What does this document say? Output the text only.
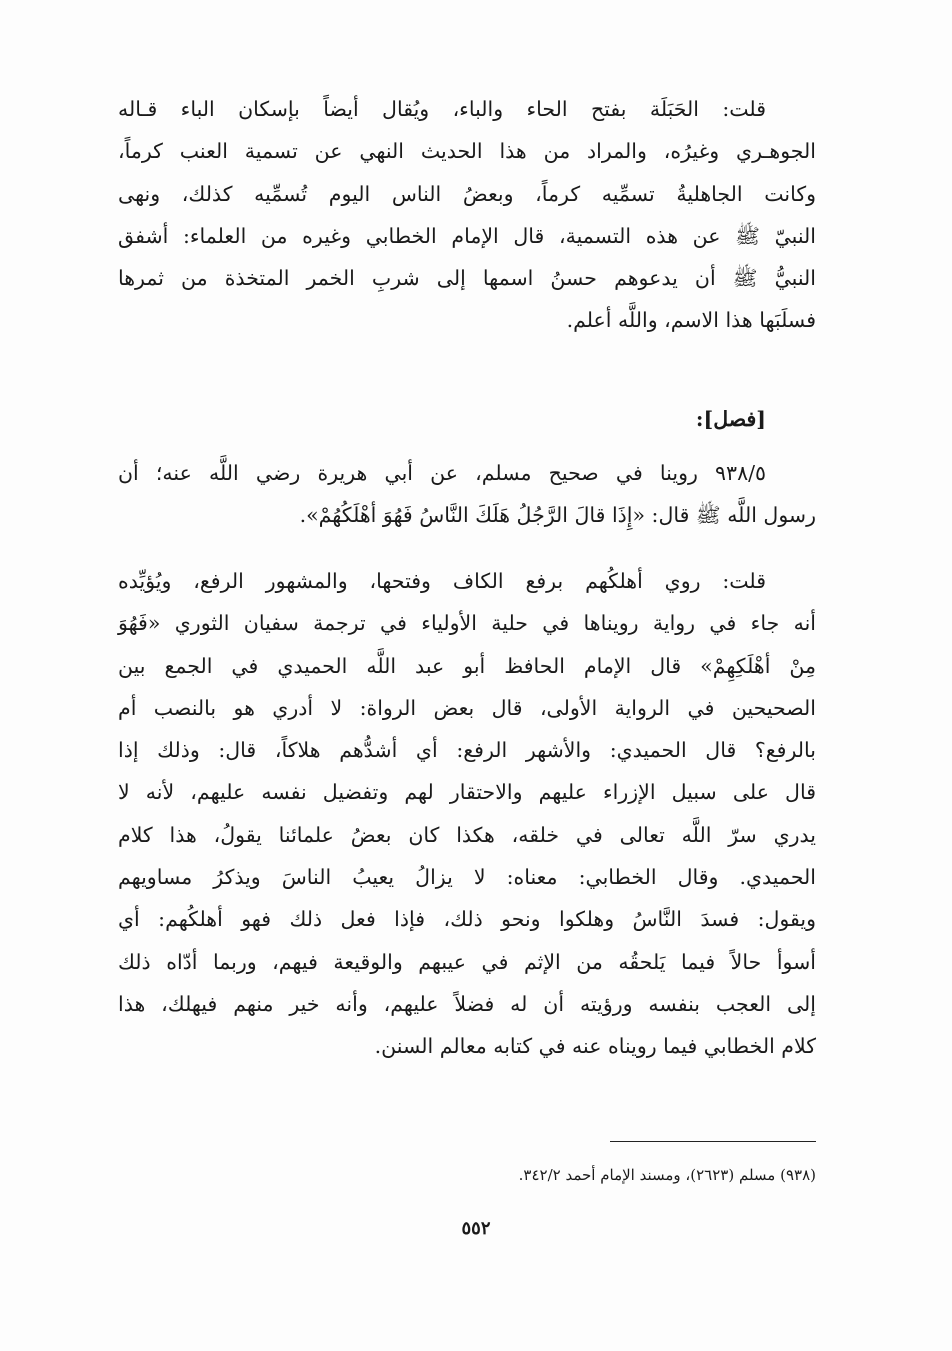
قلت: الحَبَلَة بفتح الحاء والباء، ويُقال أيضاً بإسكان الباء قـاله
الجوهـري وغيرُه، والمراد من هذا الحديث النهي عن تسمية العنب كرماً،
وكانت الجاهليةُ تسمِّيه كرماً، وبعضُ الناس اليوم تُسمِّيه كذلك، ونهى
النبيّ ﷺ عن هذه التسمية، قال الإمام الخطابي وغيره من العلماء: أشفق
النبيُّ ﷺ أن يدعوهم حسنُ اسمها إلى شربِ الخمر المتخذة من ثمرها
فسلَبَها هذا الاسم، واللَّه أعلم.
[فصل]:
٩٣٨/٥ روينا في صحيح مسلم، عن أبي هريرة رضي اللَّه عنه؛ أن
رسول اللَّه ﷺ قال: «إِذَا قالَ الرَّجُلُ هَلَكَ النَّاسُ فَهُوَ أهْلَكُهُمْ».
قلت: روي أهلكُهم برفع الكاف وفتحها، والمشهور الرفع، ويُؤيِّده
أنه جاء في رواية رويناها في حلية الأولياء في ترجمة سفيان الثوري «فَهُوَ
مِنْ أهْلَكِهِمْ» قال الإمام الحافظ أبو عبد اللَّه الحميدي في الجمع بين
الصحيحين في الرواية الأولى، قال بعض الرواة: لا أدري هو بالنصب أم
بالرفع؟ قال الحميدي: والأشهر الرفع: أي أشدُّهم هلاكاً، قال: وذلك إذا
قال على سبيل الإزراء عليهم والاحتقار لهم وتفضيل نفسه عليهم، لأنه لا
يدري سرّ اللَّه تعالى في خلقه، هكذا كان بعضُ علمائنا يقولُ، هذا كلام
الحميدي. وقال الخطابي: معناه: لا يزالُ يعيبُ الناسَ ويذكرُ مساويهم
ويقول: فسدَ النَّاسُ وهلكوا ونحو ذلك، فإذا فعل ذلك فهو أهلكُهم: أي
أسوأ حالاً فيما يَلحقُه من الإثم في عيبهم والوقيعة فيهم، وربما أدّاه ذلك
إلى العجب بنفسه ورؤيته أن له فضلاً عليهم، وأنه خير منهم فيهلك، هذا
كلام الخطابي فيما رويناه عنه في كتابه معالم السنن.
(٩٣٨) مسلم (٢٦٢٣)، ومسند الإمام أحمد ٣٤٢/٢.
٥٥٢
